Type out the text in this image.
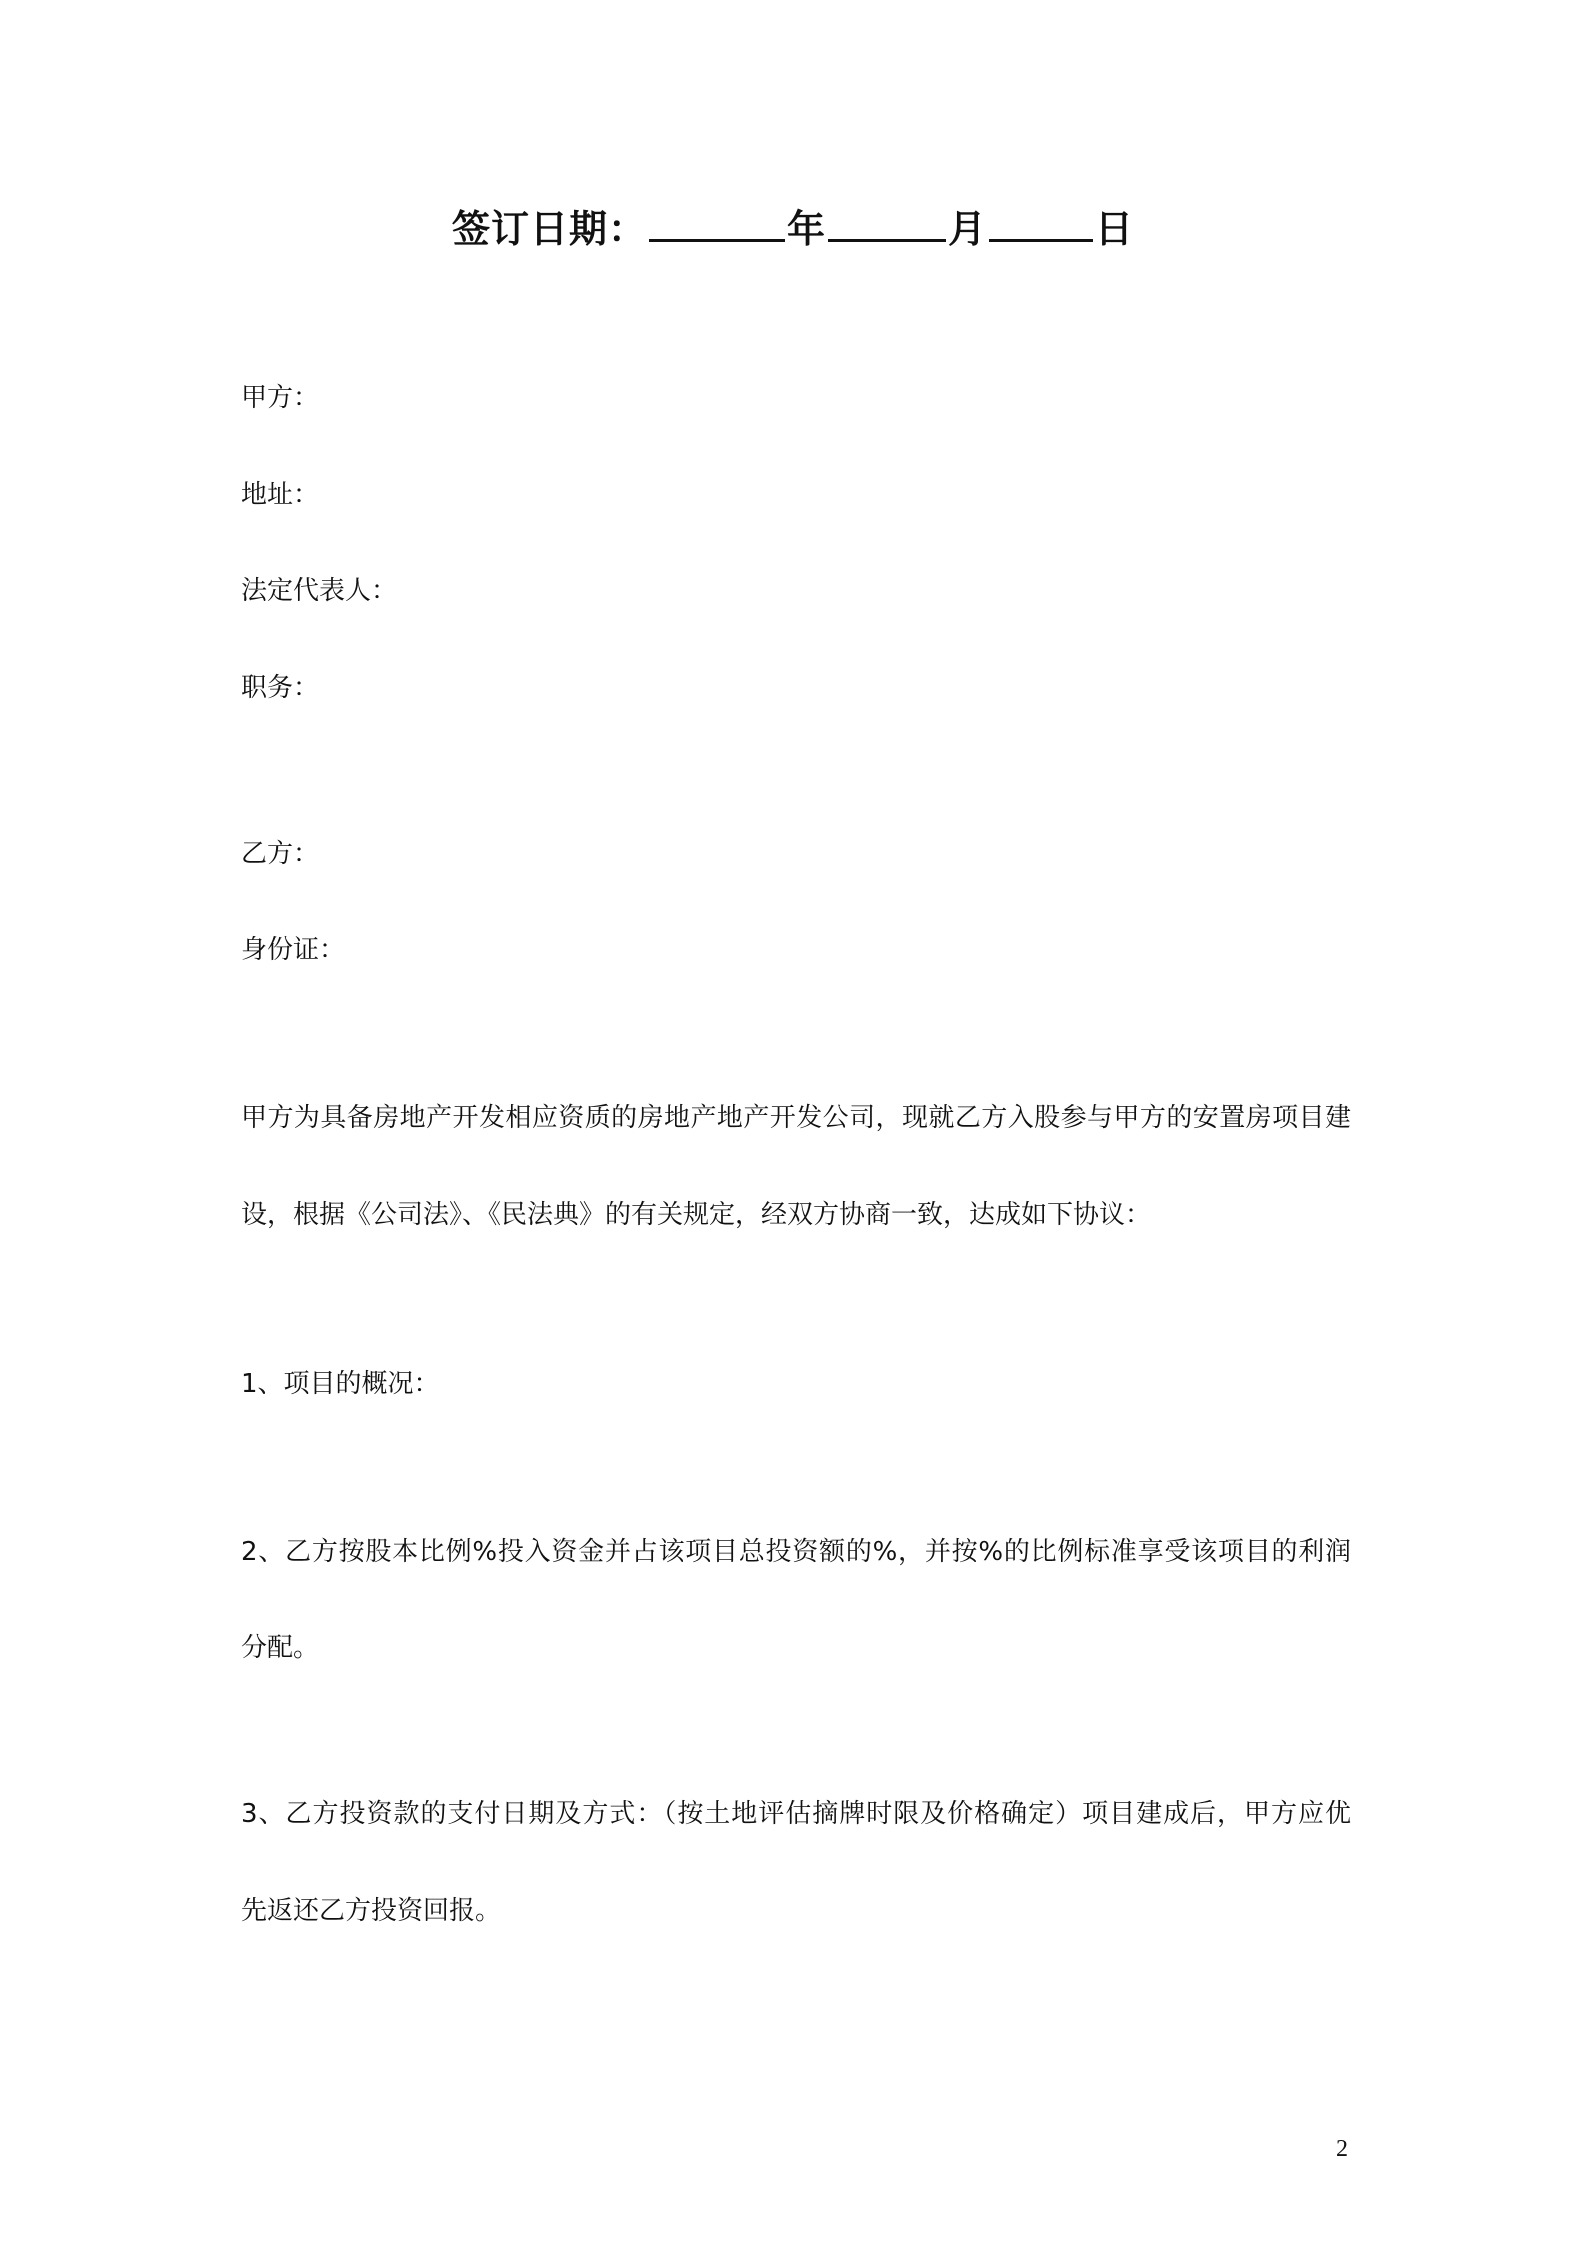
签订日期：	年	月	日
甲方：
地址：
法定代表人：
职务：
乙方：
身份证：
甲方为具备房地产开发相应资质的房地产地产开发公司，现就乙方入股参与甲方的安置房项目建
设，根据《公司法》、《民法典》的有关规定，经双方协商一致，达成如下协议：
1、项目的概况：
2、乙方按股本比例%投入资金并占该项目总投资额的%，并按%的比例标准享受该项目的利润
分配。
3、乙方投资款的支付日期及方式：（按土地评估摘牌时限及价格确定）项目建成后，甲方应优
先返还乙方投资回报。
2
